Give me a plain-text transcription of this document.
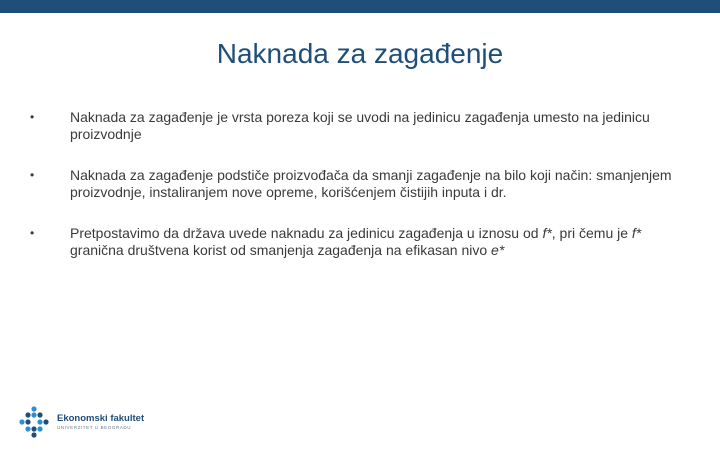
Naknada za zagađenje
•	Naknada za zagađenje je vrsta poreza koji se uvodi na jedinicu zagađenja umesto na jedinicu proizvodnje
•	Naknada za zagađenje podstiče proizvođača da smanji zagađenje na bilo koji način: smanjenjem proizvodnje, instaliranjem nove opreme, korišćenjem čistijih inputa i dr.
•	Pretpostavimo da država uvede naknadu za jedinicu zagađenja u iznosu od f*, pri čemu je f* granična društvena korist od smanjenja zagađenja na efikasan nivo e*
Ekonomski fakultet
UNIVERZITET U BEOGRADU
